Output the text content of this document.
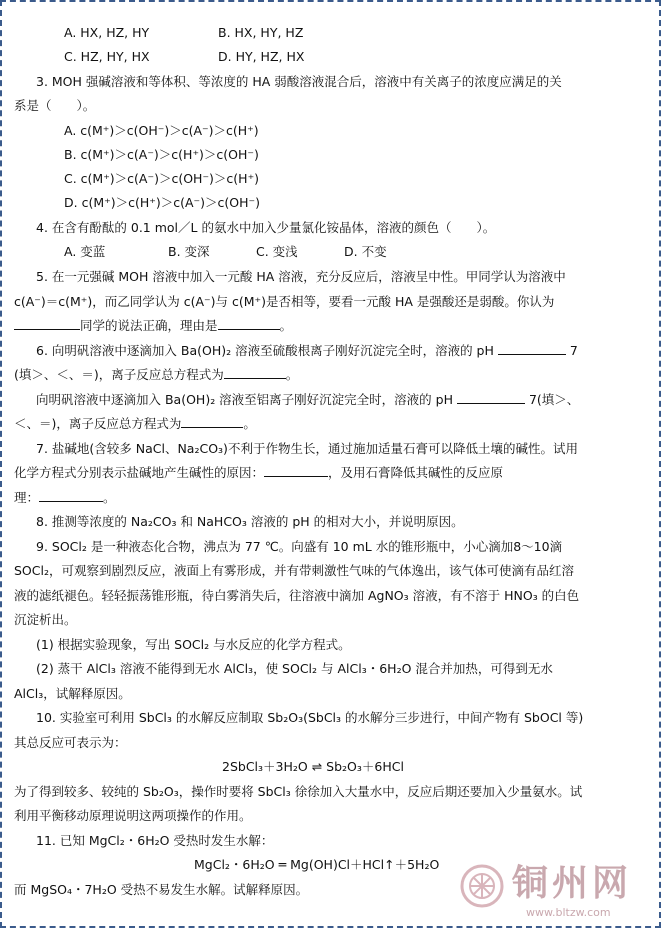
A. HX, HZ, HY	B. HX, HY, HZ
C. HZ, HY, HX	D. HY, HZ, HX
3. MOH 强碱溶液和等体积、等浓度的 HA 弱酸溶液混合后，溶液中有关离子的浓度应满足的关
系是（　　）。
A. c(M⁺)＞c(OH⁻)＞c(A⁻)＞c(H⁺)
B. c(M⁺)＞c(A⁻)＞c(H⁺)＞c(OH⁻)
C. c(M⁺)＞c(A⁻)＞c(OH⁻)＞c(H⁺)
D. c(M⁺)＞c(H⁺)＞c(A⁻)＞c(OH⁻)
4. 在含有酚酞的 0.1 mol／L 的氨水中加入少量氯化铵晶体，溶液的颜色（　　）。
A. 变蓝	B. 变深	C. 变浅	D. 不变
5. 在一元强碱 MOH 溶液中加入一元酸 HA 溶液，充分反应后，溶液呈中性。甲同学认为溶液中
c(A⁻)＝c(M⁺)，而乙同学认为 c(A⁻)与 c(M⁺)是否相等，要看一元酸 HA 是强酸还是弱酸。你认为
同学的说法正确，理由是	。
6. 向明矾溶液中逐滴加入 Ba(OH)₂ 溶液至硫酸根离子刚好沉淀完全时，溶液的 pH	7
(填＞、＜、＝)，离子反应总方程式为	。
向明矾溶液中逐滴加入 Ba(OH)₂ 溶液至铝离子刚好沉淀完全时，溶液的 pH	7(填＞、
＜、＝)，离子反应总方程式为	。
7. 盐碱地(含较多 NaCl、Na₂CO₃)不利于作物生长，通过施加适量石膏可以降低土壤的碱性。试用
化学方程式分别表示盐碱地产生碱性的原因：	，及用石膏降低其碱性的反应原
理：	。
8. 推测等浓度的 Na₂CO₃ 和 NaHCO₃ 溶液的 pH 的相对大小，并说明原因。
9. SOCl₂ 是一种液态化合物，沸点为 77 ℃。向盛有 10 mL 水的锥形瓶中，小心滴加8～10滴
SOCl₂，可观察到剧烈反应，液面上有雾形成，并有带刺激性气味的气体逸出，该气体可使滴有品红溶
液的滤纸褪色。轻轻振荡锥形瓶，待白雾消失后，往溶液中滴加 AgNO₃ 溶液，有不溶于 HNO₃ 的白色
沉淀析出。
(1) 根据实验现象，写出 SOCl₂ 与水反应的化学方程式。
(2) 蒸干 AlCl₃ 溶液不能得到无水 AlCl₃，使 SOCl₂ 与 AlCl₃・6H₂O 混合并加热，可得到无水
AlCl₃，试解释原因。
10. 实验室可利用 SbCl₃ 的水解反应制取 Sb₂O₃(SbCl₃ 的水解分三步进行，中间产物有 SbOCl 等)
其总反应可表示为：
2SbCl₃＋3H₂O ⇌ Sb₂O₃＋6HCl
为了得到较多、较纯的 Sb₂O₃，操作时要将 SbCl₃ 徐徐加入大量水中，反应后期还要加入少量氨水。试
利用平衡移动原理说明这两项操作的作用。
11. 已知 MgCl₂・6H₂O 受热时发生水解：
MgCl₂・6H₂O ═ Mg(OH)Cl＋HCl↑＋5H₂O
而 MgSO₄・7H₂O 受热不易发生水解。试解释原因。	铜州网
www.bltzw.com
